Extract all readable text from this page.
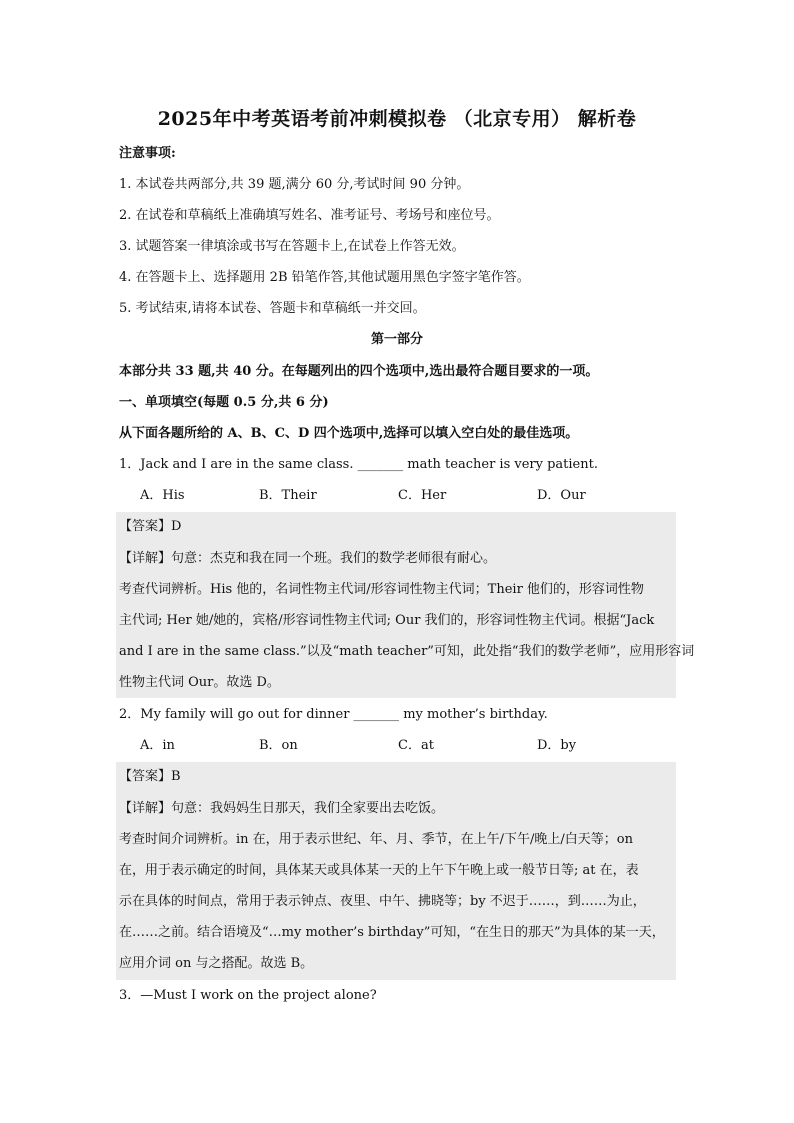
2025年中考英语考前冲刺模拟卷 （北京专用） 解析卷
注意事项:
1. 本试卷共两部分,共 39 题,满分 60 分,考试时间 90 分钟。
2. 在试卷和草稿纸上准确填写姓名、准考证号、考场号和座位号。
3. 试题答案一律填涂或书写在答题卡上,在试卷上作答无效。
4. 在答题卡上、选择题用 2B 铅笔作答,其他试题用黑色字签字笔作答。
5. 考试结束,请将本试卷、答题卡和草稿纸一并交回。
第一部分
本部分共 33 题,共 40 分。在每题列出的四个选项中,选出最符合题目要求的一项。
一、单项填空(每题 0.5 分,共 6 分)
从下面各题所给的 A、B、C、D 四个选项中,选择可以填入空白处的最佳选项。
1．Jack and I are in the same class. _______ math teacher is very patient.
A．His	B．Their	C．Her	D．Our
【答案】D
【详解】句意：杰克和我在同一个班。我们的数学老师很有耐心。
考查代词辨析。His 他的，名词性物主代词/形容词性物主代词；Their 他们的，形容词性物
主代词; Her 她/她的，宾格/形容词性物主代词; Our 我们的，形容词性物主代词。根据“Jack
and I are in the same class.”以及“math teacher”可知，此处指“我们的数学老师”，应用形容词
性物主代词 Our。故选 D。
2．My family will go out for dinner _______ my mother’s birthday.
A．in	B．on	C．at	D．by
【答案】B
【详解】句意：我妈妈生日那天，我们全家要出去吃饭。
考查时间介词辨析。in 在，用于表示世纪、年、月、季节，在上午/下午/晚上/白天等；on
在，用于表示确定的时间，具体某天或具体某一天的上午下午晚上或一般节日等; at 在，表
示在具体的时间点，常用于表示钟点、夜里、中午、拂晓等；by 不迟于……，到……为止，
在……之前。结合语境及“…my mother’s birthday”可知，“在生日的那天”为具体的某一天，
应用介词 on 与之搭配。故选 B。
3．—Must I work on the project alone?
